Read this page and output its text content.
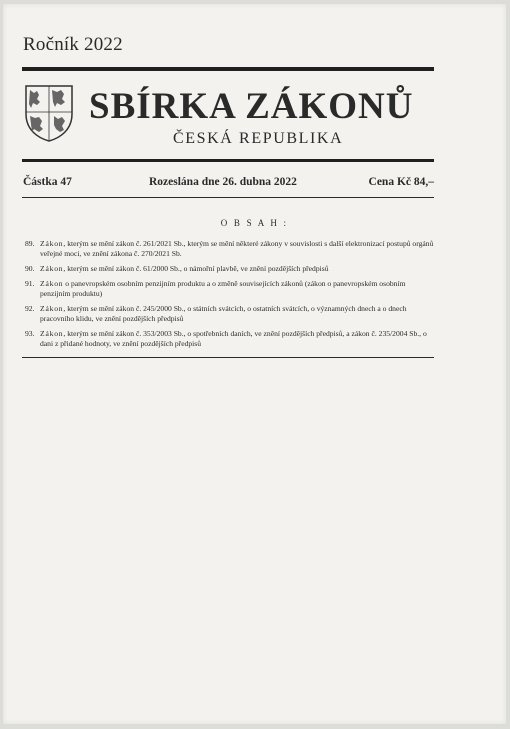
Ročník 2022
SBÍRKA ZÁKONŮ
ČESKÁ REPUBLIKA
Částka 47	Rozeslána dne 26. dubna 2022	Cena Kč 84,–
O B S A H :
89. Zákon, kterým se mění zákon č. 261/2021 Sb., kterým se mění některé zákony v souvislosti s další elektronizací postupů orgánů veřejné moci, ve znění zákona č. 270/2021 Sb.
90. Zákon, kterým se mění zákon č. 61/2000 Sb., o námořní plavbě, ve znění pozdějších předpisů
91. Zákon o panevropském osobním penzijním produktu a o změně souvisejících zákonů (zákon o panevropském osobním penzijním produktu)
92. Zákon, kterým se mění zákon č. 245/2000 Sb., o státních svátcích, o ostatních svátcích, o významných dnech a o dnech pracovního klidu, ve znění pozdějších předpisů
93. Zákon, kterým se mění zákon č. 353/2003 Sb., o spotřebních daních, ve znění pozdějších předpisů, a zákon č. 235/2004 Sb., o dani z přidané hodnoty, ve znění pozdějších předpisů
